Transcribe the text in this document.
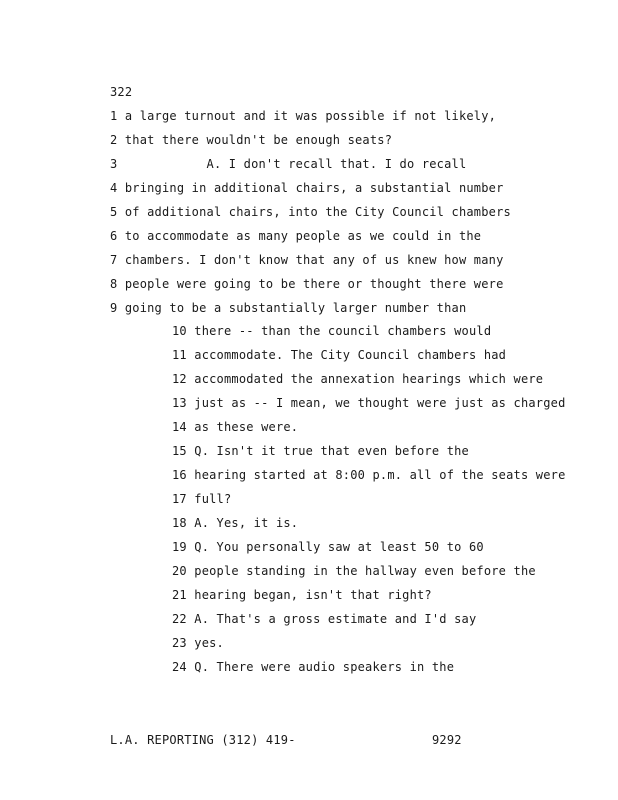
322
1 a large turnout and it was possible if not likely,
2 that there wouldn't be enough seats?
3            A. I don't recall that. I do recall
4 bringing in additional chairs, a substantial number
5 of additional chairs, into the City Council chambers
6 to accommodate as many people as we could in the
7 chambers. I don't know that any of us knew how many
8 people were going to be there or thought there were
9 going to be a substantially larger number than
10 there -- than the council chambers would
11 accommodate. The City Council chambers had
12 accommodated the annexation hearings which were
13 just as -- I mean, we thought were just as charged
14 as these were.
15 Q. Isn't it true that even before the
16 hearing started at 8:00 p.m. all of the seats were
17 full?
18 A. Yes, it is.
19 Q. You personally saw at least 50 to 60
20 people standing in the hallway even before the
21 hearing began, isn't that right?
22 A. That's a gross estimate and I'd say
23 yes.
24 Q. There were audio speakers in the
L.A. REPORTING (312) 419-	9292
